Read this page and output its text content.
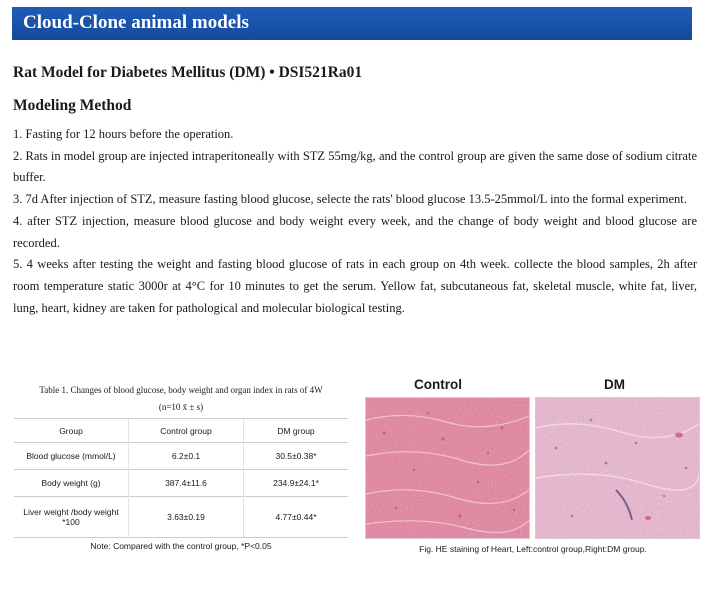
Cloud-Clone animal models
Rat Model for Diabetes Mellitus (DM) • DSI521Ra01
Modeling Method

1. Fasting for 12 hours before the operation.

2. Rats in model group are injected intraperitoneally with STZ 55mg/kg, and the control group are given the same dose of sodium citrate buffer.

3. 7d After injection of STZ, measure fasting blood glucose, selecte the rats' blood glucose 13.5-25mmol/L into the formal experiment.

4. after STZ injection, measure blood glucose and body weight every week, and the change of body weight and blood glucose are recorded.

5. 4 weeks after testing the weight and fasting blood glucose of rats in each group on 4th week. collecte the blood samples, 2h after room temperature static 3000r at 4°C for 10 minutes to get the serum. Yellow fat, subcutaneous fat, skeletal muscle, white fat, liver, lung, heart, kidney are taken for pathological and molecular biological testing.

Table 1. Changes of blood glucose, body weight and organ index in rats of 4W
(n=10 x̄ ± s)
Group	Control group	DM group
Blood glucose (mmol/L)	6.2±0.1	30.5±0.38*
Body weight (g)	387.4±11.6	234.9±24.1*
Liver weight /body weight *100	3.63±0.19	4.77±0.44*
Note: Compared with the control group, *P<0.05
Control	DM
Fig. HE staining of Heart, Left:control group,Right:DM group.
